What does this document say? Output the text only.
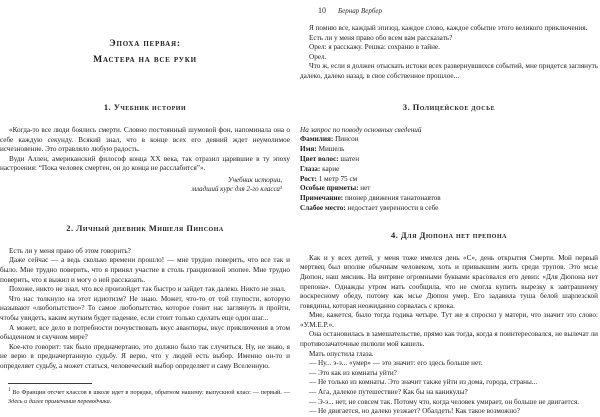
Эпоха первая:
Мастера на все руки
1. Учебник истории

«Когда-то все люди боялись смерти. Словно постоянный шумовой фон, напоминала она о себе каждую секунду. Всякий знал, что в конце всех его деяний ждет неумолимое исчезновение. Это отравляло любую радость.

Вуди Аллен, американский философ конца XX века, так отразил царившие в ту эпоху настроения: “Пока человек смертен, он до конца не расслабится”».

Учебник истории,
младший курс для 2-го класса¹
2. Личный дневник Мишеля Пинсона

Есть ли у меня право об этом говорить?

Даже сейчас — а ведь сколько времени прошло! — мне трудно поверить, что все так и было. Мне трудно поверить, что я принял участие в столь грандиозной эпопее. Мне трудно поверить, что я выжил и могу о ней рассказать.

Похоже, никто не знал, что все произойдет так быстро и зайдет так далеко. Никто не знал.

Что нас толкнуло на этот идиотизм? Не знаю. Может, что-то от той глупости, которую называют «любопытство»? То самое любопытство, которое гонит нас заглянуть и пройти, чтобы увидеть, каким жутким будет падение, если стоит только сделать еще один шаг...

А может, все дело в потребности почувствовать вкус авантюры, вкус приключения в этом обыденном и скучном мире?

Кое-кто говорит: так было предначертано, это должно было так случиться. Ну, не знаю, я не верю в предначертанную судьбу. Я верю, что у людей есть выбор. Именно он-то и определяет судьбу, а может статься, человеческий выбор определяет и саму Вселенную.

$^1$ Во Франции отсчет классов в школе идет в порядке, обратном нашему: выпускной класс — первый. — Здесь и далее примечания переводчика.
10 Бернар Вербер

Я помню все, каждый эпизод, каждое слово, каждое событие этого великого приключения.

Есть ли у меня право обо всем вам рассказать?

Орел: я расскажу. Решка: сохраню в тайне.

Орел.

Что ж, если я должен отыскать истоки всех развернувшихся событий, мне придется заглянуть далеко, далеко назад, в свое собственное прошлое...

3. Полицейское досье
На запрос по поводу основных сведений
Фамилия: Пинсон
Имя: Мишель
Цвет волос: шатен
Глаза: карие
Рост: 1 метр 75 см
Особые приметы: нет
Примечание: пионер движения танатонавтов
Слабое место: недостает уверенности в себе
4. Для Дюпона нет препона

Как и у всех детей, у меня тоже имелся день «С», день открытия Смерти. Мой первый мертвец был вполне обычным человеком, хоть и привыкшим жить среди трупов. Это мсье Дюпон, наш мясник. На витрине огромными буквами красовался его девиз: «Для Дюпона нет препона». Однажды утром мать сообщила, что не смогла купить вырезку к завтрашнему воскресному обеду, потому как мсье Дюпон умер. Его задавила туша белой шарлезской говядины, которая неожиданно сорвалась с крюка.

Мне, кажется, было тогда годика четыре. Тут же я спросил у матери, что значит это слово: «У.М.Е.Р.».

Она остановилась в замешательстве, прямо как тогда, когда я поинтересовался, не вылечат ли противозачаточные пилюли мой кашель.

Мать опустила глаза.

— Ну... э-э... «умер» — это значит: его здесь больше нет.

— Это как из комнаты уйти?

— Не только из комнаты. Это значит также уйти из дома, города, страны...

— Ага, далекое путешествие? Как бы на каникулы?

— Э-э... нет, не совсем так. Потому что, когда человек умирает, он больше не двигается.

— Не двигается, но далеко уезжает? Обалдеть! Как такое возможно?
